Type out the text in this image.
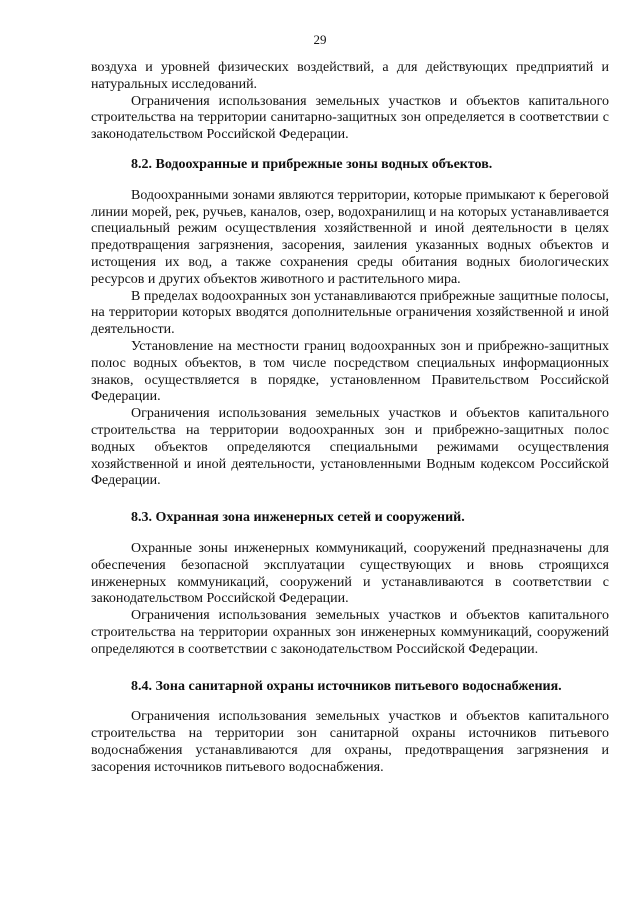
29

воздуха и уровней физических воздействий, а для действующих предприятий и натуральных исследований.

Ограничения использования земельных участков и объектов капитального строительства на территории санитарно-защитных зон определяется в соответствии с законодательством Российской Федерации.

8.2. Водоохранные и прибрежные зоны водных объектов.

Водоохранными зонами являются территории, которые примыкают к береговой линии морей, рек, ручьев, каналов, озер, водохранилищ и на которых устанавливается специальный режим осуществления хозяйственной и иной деятельности в целях предотвращения загрязнения, засорения, заиления указанных водных объектов и истощения их вод, а также сохранения среды обитания водных биологических ресурсов и других объектов животного и растительного мира.

В пределах водоохранных зон устанавливаются прибрежные защитные полосы, на территории которых вводятся дополнительные ограничения хозяйственной и иной деятельности.

Установление на местности границ водоохранных зон и прибрежно-защитных полос водных объектов, в том числе посредством специальных информационных знаков, осуществляется в порядке, установленном Правительством Российской Федерации.

Ограничения использования земельных участков и объектов капитального строительства на территории водоохранных зон и прибрежно-защитных полос водных объектов определяются специальными режимами осуществления хозяйственной и иной деятельности, установленными Водным кодексом Российской Федерации.

8.3. Охранная зона инженерных сетей и сооружений.

Охранные зоны инженерных коммуникаций, сооружений предназначены для обеспечения безопасной эксплуатации существующих и вновь строящихся инженерных коммуникаций, сооружений и устанавливаются в соответствии с законодательством Российской Федерации.

Ограничения использования земельных участков и объектов капитального строительства на территории охранных зон инженерных коммуникаций, сооружений определяются в соответствии с законодательством Российской Федерации.

8.4. Зона санитарной охраны источников питьевого водоснабжения.

Ограничения использования земельных участков и объектов капитального строительства на территории зон санитарной охраны источников питьевого водоснабжения устанавливаются для охраны, предотвращения загрязнения и засорения источников питьевого водоснабжения.
